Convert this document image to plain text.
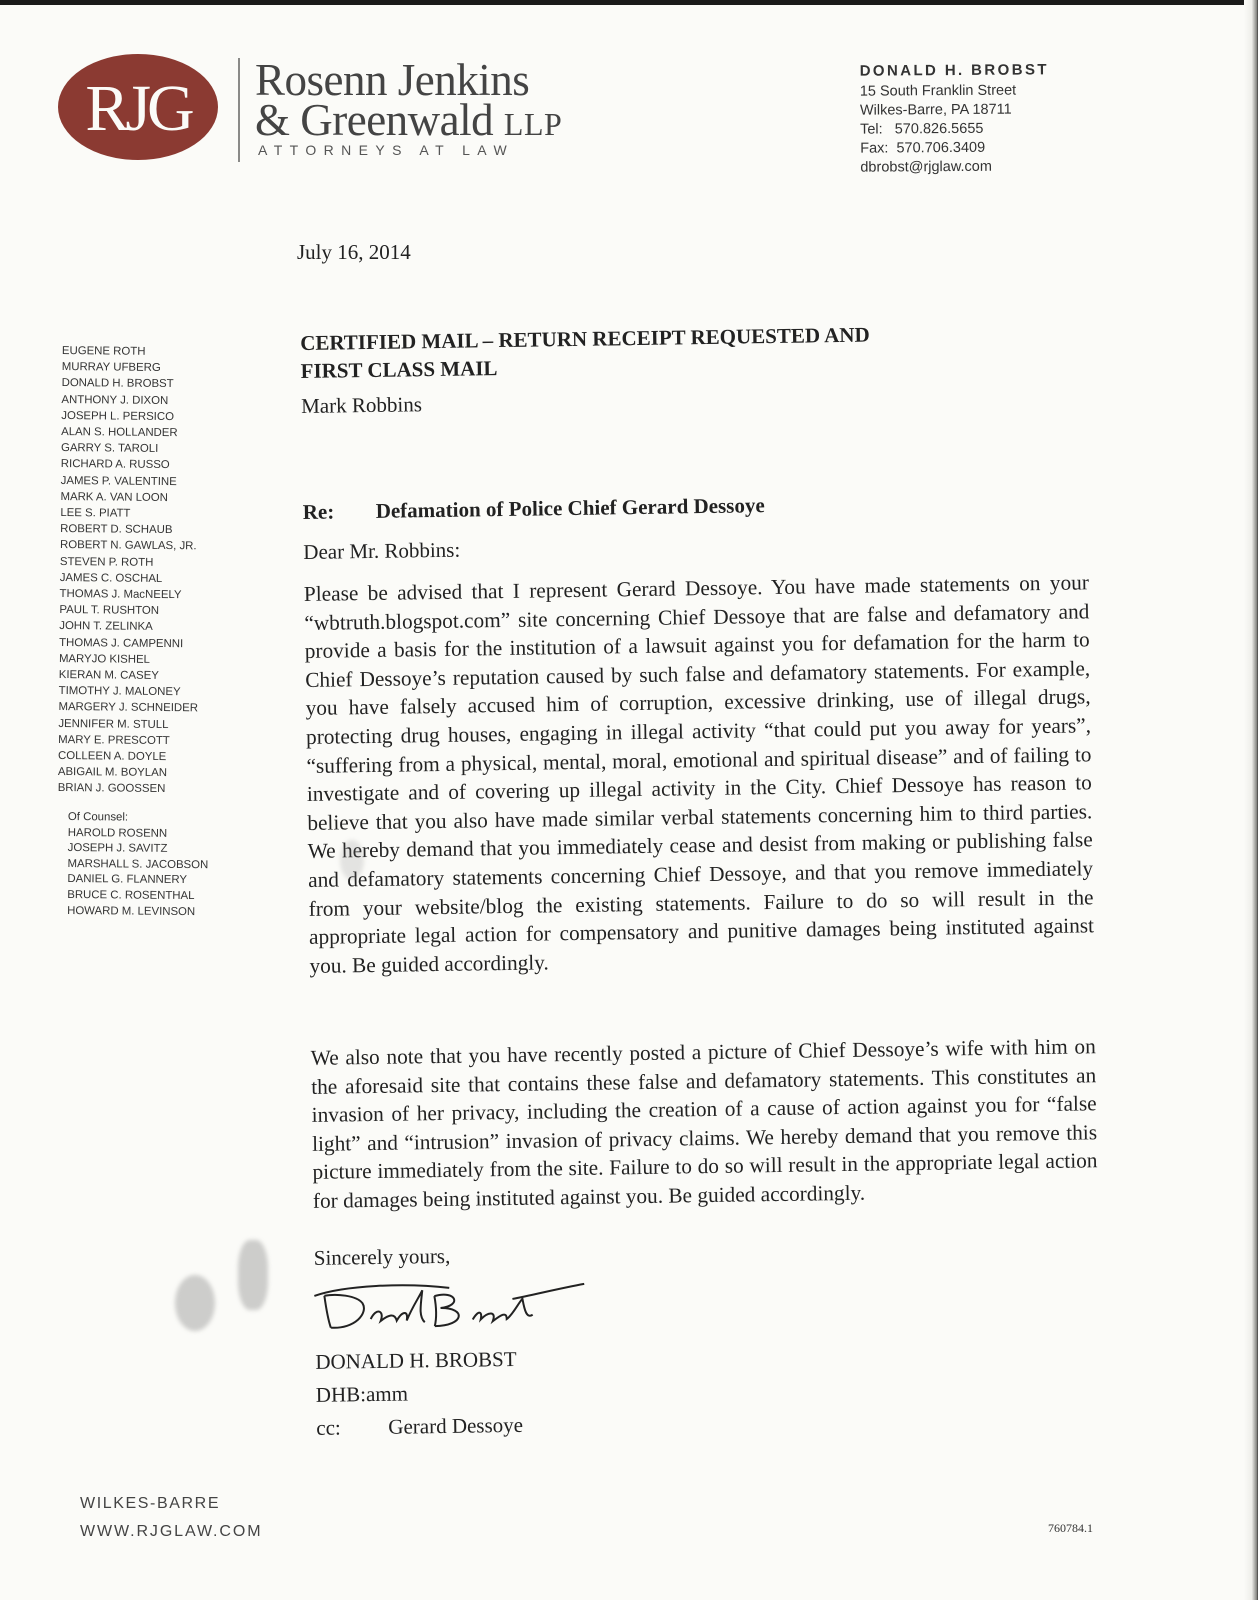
RJG Rosenn Jenkins
& Greenwald LLP
ATTORNEYS AT LAW
DONALD H. BROBST
15 South Franklin Street
Wilkes-Barre, PA 18711
Tel:   570.826.5655
Fax:  570.706.3409
dbrobst@rjglaw.com
July 16, 2014
EUGENE ROTH
MURRAY UFBERG
DONALD H. BROBST
ANTHONY J. DIXON
JOSEPH L. PERSICO
ALAN S. HOLLANDER
GARRY S. TAROLI
RICHARD A. RUSSO
JAMES P. VALENTINE
MARK A. VAN LOON
LEE S. PIATT
ROBERT D. SCHAUB
ROBERT N. GAWLAS, JR.
STEVEN P. ROTH
JAMES C. OSCHAL
THOMAS J. MacNEELY
PAUL T. RUSHTON
JOHN T. ZELINKA
THOMAS J. CAMPENNI
MARYJO KISHEL
KIERAN M. CASEY
TIMOTHY J. MALONEY
MARGERY J. SCHNEIDER
JENNIFER M. STULL
MARY E. PRESCOTT
COLLEEN A. DOYLE
ABIGAIL M. BOYLAN
BRIAN J. GOOSSEN
Of Counsel:
HAROLD ROSENN
JOSEPH J. SAVITZ
MARSHALL S. JACOBSON
DANIEL G. FLANNERY
BRUCE C. ROSENTHAL
HOWARD M. LEVINSON
CERTIFIED MAIL – RETURN RECEIPT REQUESTED AND
FIRST CLASS MAIL
Mark Robbins
Re: Defamation of Police Chief Gerard Dessoye
Dear Mr. Robbins:
Please be advised that I represent Gerard Dessoye. You have made statements on your “wbtruth.blogspot.com” site concerning Chief Dessoye that are false and defamatory and provide a basis for the institution of a lawsuit against you for defamation for the harm to Chief Dessoye’s reputation caused by such false and defamatory statements. For example, you have falsely accused him of corruption, excessive drinking, use of illegal drugs, protecting drug houses, engaging in illegal activity “that could put you away for years”, “suffering from a physical, mental, moral, emotional and spiritual disease” and of failing to investigate and of covering up illegal activity in the City. Chief Dessoye has reason to believe that you also have made similar verbal statements concerning him to third parties. We hereby demand that you immediately cease and desist from making or publishing false and defamatory statements concerning Chief Dessoye, and that you remove immediately from your website/blog the existing statements. Failure to do so will result in the appropriate legal action for compensatory and punitive damages being instituted against you. Be guided accordingly.
We also note that you have recently posted a picture of Chief Dessoye’s wife with him on the aforesaid site that contains these false and defamatory statements. This constitutes an invasion of her privacy, including the creation of a cause of action against you for “false light” and “intrusion” invasion of privacy claims. We hereby demand that you remove this picture immediately from the site. Failure to do so will result in the appropriate legal action for damages being instituted against you. Be guided accordingly.
Sincerely yours,
DONALD H. BROBST
DHB:amm
cc: Gerard Dessoye
WILKES-BARRE
WWW.RJGLAW.COM	760784.1
